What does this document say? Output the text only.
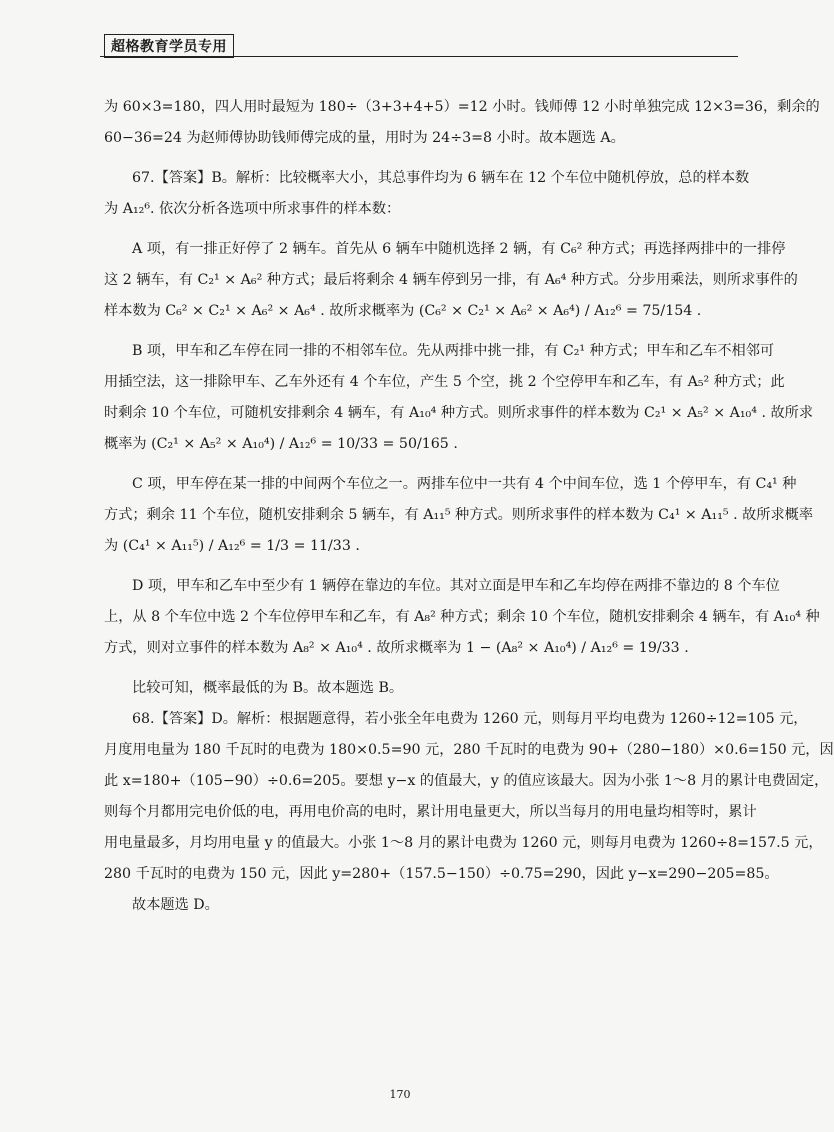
超格教育学员专用
为 60×3=180，四人用时最短为 180÷（3+3+4+5）=12 小时。钱师傅 12 小时单独完成 12×3=36，剩余的
60−36=24 为赵师傅协助钱师傅完成的量，用时为 24÷3=8 小时。故本题选 A。
67.【答案】B。解析：比较概率大小，其总事件均为 6 辆车在 12 个车位中随机停放，总的样本数
为 A₁₂⁶. 依次分析各选项中所求事件的样本数：
A 项，有一排正好停了 2 辆车。首先从 6 辆车中随机选择 2 辆，有 C₆² 种方式；再选择两排中的一排停
这 2 辆车，有 C₂¹ × A₆² 种方式；最后将剩余 4 辆车停到另一排，有 A₆⁴ 种方式。分步用乘法，则所求事件的
样本数为 C₆² × C₂¹ × A₆² × A₆⁴ . 故所求概率为 (C₆² × C₂¹ × A₆² × A₆⁴) / A₁₂⁶ = 75/154 .
B 项，甲车和乙车停在同一排的不相邻车位。先从两排中挑一排，有 C₂¹ 种方式；甲车和乙车不相邻可
用插空法，这一排除甲车、乙车外还有 4 个车位，产生 5 个空，挑 2 个空停甲车和乙车，有 A₅² 种方式；此
时剩余 10 个车位，可随机安排剩余 4 辆车，有 A₁₀⁴ 种方式。则所求事件的样本数为 C₂¹ × A₅² × A₁₀⁴ . 故所求
概率为 (C₂¹ × A₅² × A₁₀⁴) / A₁₂⁶ = 10/33 = 50/165 .
C 项，甲车停在某一排的中间两个车位之一。两排车位中一共有 4 个中间车位，选 1 个停甲车，有 C₄¹ 种
方式；剩余 11 个车位，随机安排剩余 5 辆车，有 A₁₁⁵ 种方式。则所求事件的样本数为 C₄¹ × A₁₁⁵ . 故所求概率
为 (C₄¹ × A₁₁⁵) / A₁₂⁶ = 1/3 = 11/33 .
D 项，甲车和乙车中至少有 1 辆停在靠边的车位。其对立面是甲车和乙车均停在两排不靠边的 8 个车位
上，从 8 个车位中选 2 个车位停甲车和乙车，有 A₈² 种方式；剩余 10 个车位，随机安排剩余 4 辆车，有 A₁₀⁴ 种
方式，则对立事件的样本数为 A₈² × A₁₀⁴ . 故所求概率为 1 − (A₈² × A₁₀⁴) / A₁₂⁶ = 19/33 .
比较可知，概率最低的为 B。故本题选 B。
68.【答案】D。解析：根据题意得，若小张全年电费为 1260 元，则每月平均电费为 1260÷12=105 元，
月度用电量为 180 千瓦时的电费为 180×0.5=90 元，280 千瓦时的电费为 90+（280−180）×0.6=150 元，因
此 x=180+（105−90）÷0.6=205。要想 y−x 的值最大，y 的值应该最大。因为小张 1～8 月的累计电费固定，
则每个月都用完电价低的电，再用电价高的电时，累计用电量更大，所以当每月的用电量均相等时，累计
用电量最多，月均用电量 y 的值最大。小张 1～8 月的累计电费为 1260 元，则每月电费为 1260÷8=157.5 元，
280 千瓦时的电费为 150 元，因此 y=280+（157.5−150）÷0.75=290，因此 y−x=290−205=85。
故本题选 D。
170
